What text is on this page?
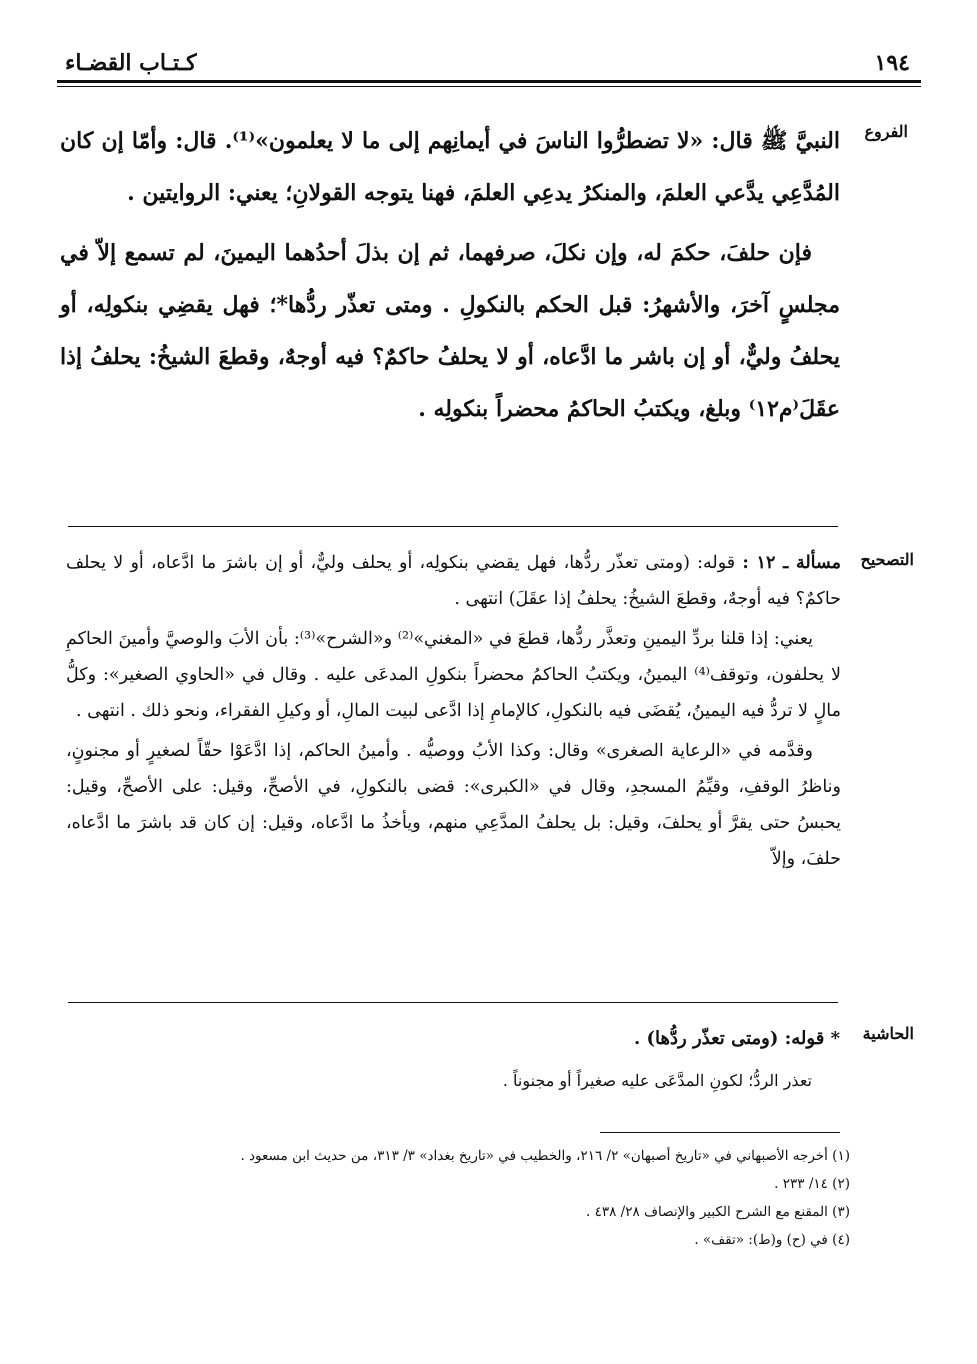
كـتـاب القضـاء	١٩٤
الفروع

النبيَّ ﷺ قال: «لا تضطرُّوا الناسَ في أيمانِهم إلى ما لا يعلمون»⁽¹⁾. قال: وأمّا إن كان المُدَّعِي يدَّعي العلمَ، والمنكرُ يدعِي العلمَ، فهنا يتوجه القولانِ؛ يعني: الروايتين .

فإن حلفَ، حكمَ له، وإن نكلَ، صرفهما، ثم إن بذلَ أحدُهما اليمينَ، لم تسمع إلاّ في مجلسٍ آخرَ، والأشهرُ: قبل الحكم بالنكولِ . ومتى تعذّر ردُّها*؛ فهل يقضِي بنكولِه، أو يحلفُ وليٌّ، أو إن باشر ما ادَّعاه، أو لا يحلفُ حاكمٌ؟ فيه أوجهٌ، وقطعَ الشيخُ: يحلفُ إذا عقَلَ⁽م١٢⁾ وبلغ، ويكتبُ الحاكمُ محضراً بنكولِه .

التصحيح

مسألة ـ ١٢ : قوله: (ومتى تعذّر ردُّها، فهل يقضي بنكولِه، أو يحلف وليٌّ، أو إن باشرَ ما ادَّعاه، أو لا يحلف حاكمٌ؟ فيه أوجهٌ، وقطعَ الشيخُ: يحلفُ إذا عقَلَ) انتهى .

يعني: إذا قلنا بردِّ اليمينِ وتعذَّر ردُّها، قطعَ في «المغني»⁽²⁾ و«الشرح»⁽³⁾: بأن الأبَ والوصيَّ وأمينَ الحاكمِ لا يحلفون، وتوقف⁽⁴⁾ اليمينُ، ويكتبُ الحاكمُ محضراً بنكولِ المدعَى عليه . وقال في «الحاوي الصغير»: وكلُّ مالٍ لا تردُّ فيه اليمينُ، يُقضَى فيه بالنكولِ، كالإمامِ إذا ادَّعى لبيت المالِ، أو وكيلِ الفقراء، ونحو ذلك . انتهى .

وقدَّمه في «الرعاية الصغرى» وقال: وكذا الأبُ ووصيُّه . وأمينُ الحاكم، إذا ادَّعَوْا حقّاً لصغيرٍ أو مجنونٍ، وناظرُ الوقفِ، وقيِّمُ المسجدِ، وقال في «الكبرى»: قضى بالنكولِ، في الأصحِّ، وقيل: على الأصحِّ، وقيل: يحبسُ حتى يقرَّ أو يحلفَ، وقيل: بل يحلفُ المدَّعِي منهم، ويأخذُ ما ادَّعاه، وقيل: إن كان قد باشرَ ما ادَّعاه، حلفَ، وإلاّ

الحاشية

* قوله: (ومتى تعذّر ردُّها) .

تعذر الردُّ؛ لكونِ المدَّعَى عليه صغيراً أو مجنوناً .

(١) أخرجه الأصبهاني في «تاريخ أصبهان» ٢/ ٢١٦، والخطيب في «تاريخ بغداد» ٣/ ٣١٣، من حديث ابن مسعود .

(٢) ١٤/ ٢٣٣ .

(٣) المقنع مع الشرح الكبير والإنصاف ٢٨/ ٤٣٨ .

(٤) في (ح) و(ط): «تقف» .
